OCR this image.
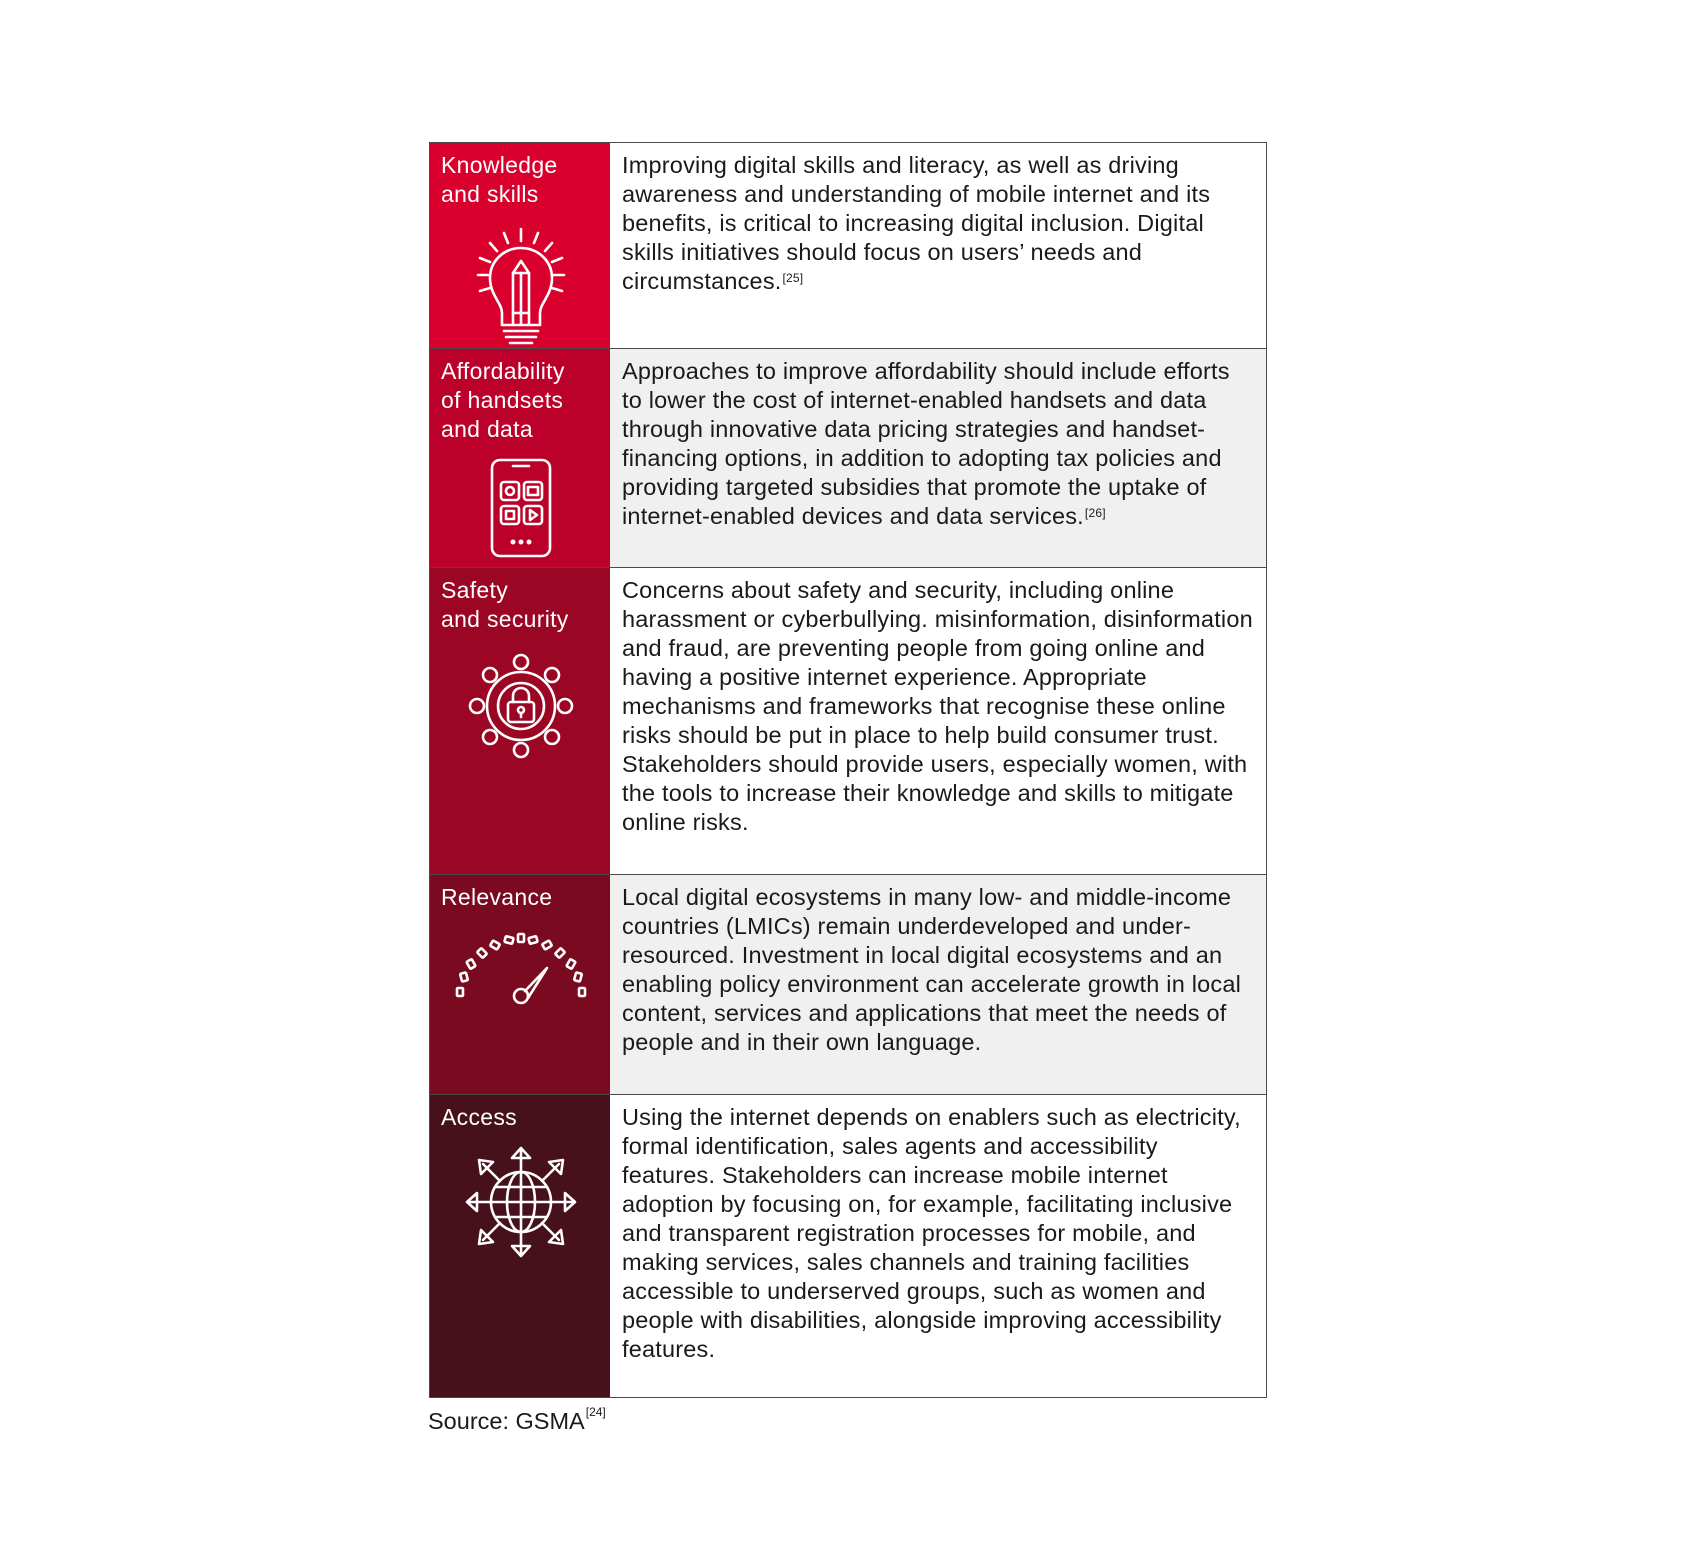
Knowledge
and skills
Improving digital skills and literacy, as well as driving awareness and understanding of mobile internet and its benefits, is critical to increasing digital inclusion. Digital skills initiatives should focus on users’ needs and circumstances.[25]
Affordability
of handsets
and data
Approaches to improve affordability should include efforts to lower the cost of internet-enabled handsets and data through innovative data pricing strategies and handset-financing options, in addition to adopting tax policies and providing targeted subsidies that promote the uptake of internet-enabled devices and data services.[26]
Safety
and security
Concerns about safety and security, including online harassment or cyberbullying. misinformation, disinformation and fraud, are preventing people from going online and having a positive internet experience. Appropriate mechanisms and frameworks that recognise these online risks should be put in place to help build consumer trust. Stakeholders should provide users, especially women, with the tools to increase their knowledge and skills to mitigate online risks.
Relevance	Local digital ecosystems in many low- and middle-income countries (LMICs) remain underdeveloped and under-resourced. Investment in local digital ecosystems and an enabling policy environment can accelerate growth in local content, services and applications that meet the needs of people and in their own language.
Access	Using the internet depends on enablers such as electricity, formal identification, sales agents and accessibility features. Stakeholders can increase mobile internet adoption by focusing on, for example, facilitating inclusive and transparent registration processes for mobile, and making services, sales channels and training facilities accessible to underserved groups, such as women and people with disabilities, alongside improving accessibility features.
Source: GSMA[24]
